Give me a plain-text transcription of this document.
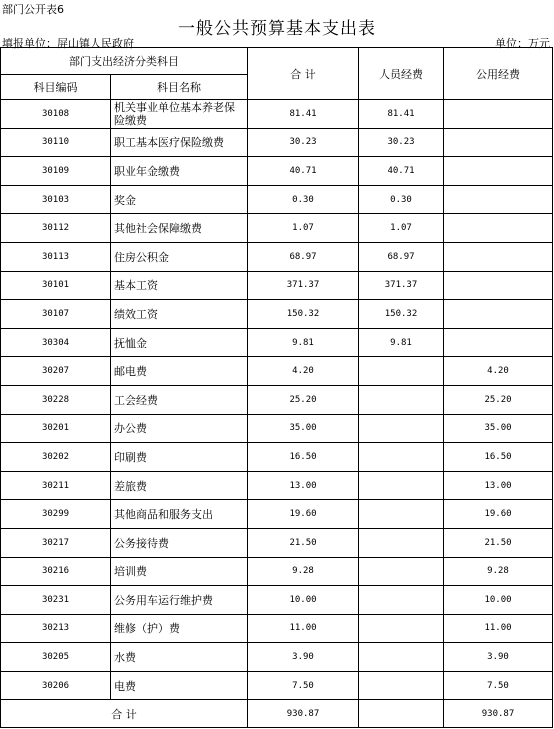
部门公开表6
一般公共预算基本支出表
填报单位：屏山镇人民政府	单位：万元
部门支出经济分类科目		合 计	人员经费	公用经费
科目编码	科目名称			
30108	机关事业单位基本养老保险缴费	81.41	81.41	
30110	职工基本医疗保险缴费	30.23	30.23	
30109	职业年金缴费	40.71	40.71	
30103	奖金	0.30	0.30	
30112	其他社会保障缴费	1.07	1.07	
30113	住房公积金	68.97	68.97	
30101	基本工资	371.37	371.37	
30107	绩效工资	150.32	150.32	
30304	抚恤金	9.81	9.81	
30207	邮电费	4.20		4.20
30228	工会经费	25.20		25.20
30201	办公费	35.00		35.00
30202	印刷费	16.50		16.50
30211	差旅费	13.00		13.00
30299	其他商品和服务支出	19.60		19.60
30217	公务接待费	21.50		21.50
30216	培训费	9.28		9.28
30231	公务用车运行维护费	10.00		10.00
30213	维修（护）费	11.00		11.00
30205	水费	3.90		3.90
30206	电费	7.50		7.50
合 计		930.87		930.87
